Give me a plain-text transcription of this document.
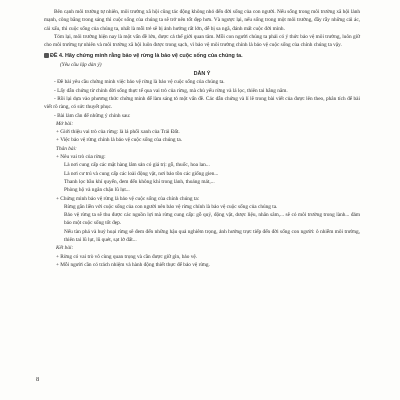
Bên cạnh môi trường tự nhiên, môi trường xã hội cũng tác động không nhỏ đến đời sống của con người. Nếu sống trong môi trường xã hội lành mạnh, công bằng trong sáng thì cuộc sống của chúng ta sẽ trở nên tốt đẹp hơn. Và ngược lại, nếu sống trong một môi trường, đầy rẫy những cái ác, cái xấu, thì cuộc sống của chúng ta, nhất là mỗi trẻ sẽ bị ảnh hưởng rất lớn, dễ bị sa ngã, đánh mất cuộc đời mình.

Tóm lại, môi trường hiện nay là một vấn đề lớn, được cả thế giới quan tâm. Mỗi con người chúng ta phải có ý thức bảo vệ môi trường, luôn giữ cho môi trường tự nhiên và môi trường xã hội luôn được trong sạch, vì bảo vệ môi trường chính là bảo vệ cuộc sống của chính chúng ta vậy.

ĐỀ 4. Hãy chứng minh rằng bảo vệ rừng là bảo vệ cuộc sống của chúng ta.

(Yêu cầu lập dàn ý)

DÀN Ý

- Đề bài yêu cầu chứng minh việc bảo vệ rừng là bảo vệ cuộc sống của chúng ta.

- Lấy dẫn chứng từ chính đời sống thực tế qua vai trò của rừng, mà chủ yếu rừng và lá lọc, thiên tai hằng năm.

- Rồi lại dựa vào phương thức chứng minh để làm sáng tỏ một vấn đề. Các dẫn chứng và lí lẽ trong bài viết của được lên theo, phân tích để bài viết rõ ràng, có sức thuyết phục.

- Bài làm cần để những ý chính sau:

Mở bài:

+ Giới thiệu vai trò của rừng: là lá phổi xanh của Trái Đất.

+ Việc bảo vệ rừng chính là bảo vệ cuộc sống của chúng ta.

Thân bài:

+ Nêu vai trò của rừng:

Là nơi cung cấp các mặt hàng lâm sản có giá trị: gỗ, thuốc, hoa lan...

Là nơi cư trú và cung cấp các loài động vật, nơi bảo tồn các giống gien...

Thanh lọc bầu khí quyển, đem đến không khí trong lành, thoáng mát,...

Phòng hộ và ngăn chặn lũ lụt...

+ Chứng minh bảo vệ rừng là bảo vệ cuộc sống của chính chúng ta:

Rừng gắn liền với cuộc sống của con người nên bảo vệ rừng chính là bảo vệ cuộc sống của chúng ta.

Bảo vệ rừng ta sẽ thu được các nguồn lợi mà rừng cung cấp: gỗ quý, động vật, dược liệu, nhân sâm,... sẽ có môi trường trong lành... đảm bảo một cuộc sống tốt đẹp.

Nếu tàn phá và huỷ hoại rừng sẽ đem đến những hậu quả nghiêm trọng, ảnh hưởng trực tiếp đến đời sống con người: ô nhiễm môi trường, thiên tai lũ lụt, lũ quét, sạt lở đất...

Kết bài:

+ Rừng có vai trò vô cùng quan trọng và cần được giữ gìn, bảo vệ.

+ Mỗi người cần có trách nhiệm và hành động thiết thực để bảo vệ rừng.

8
